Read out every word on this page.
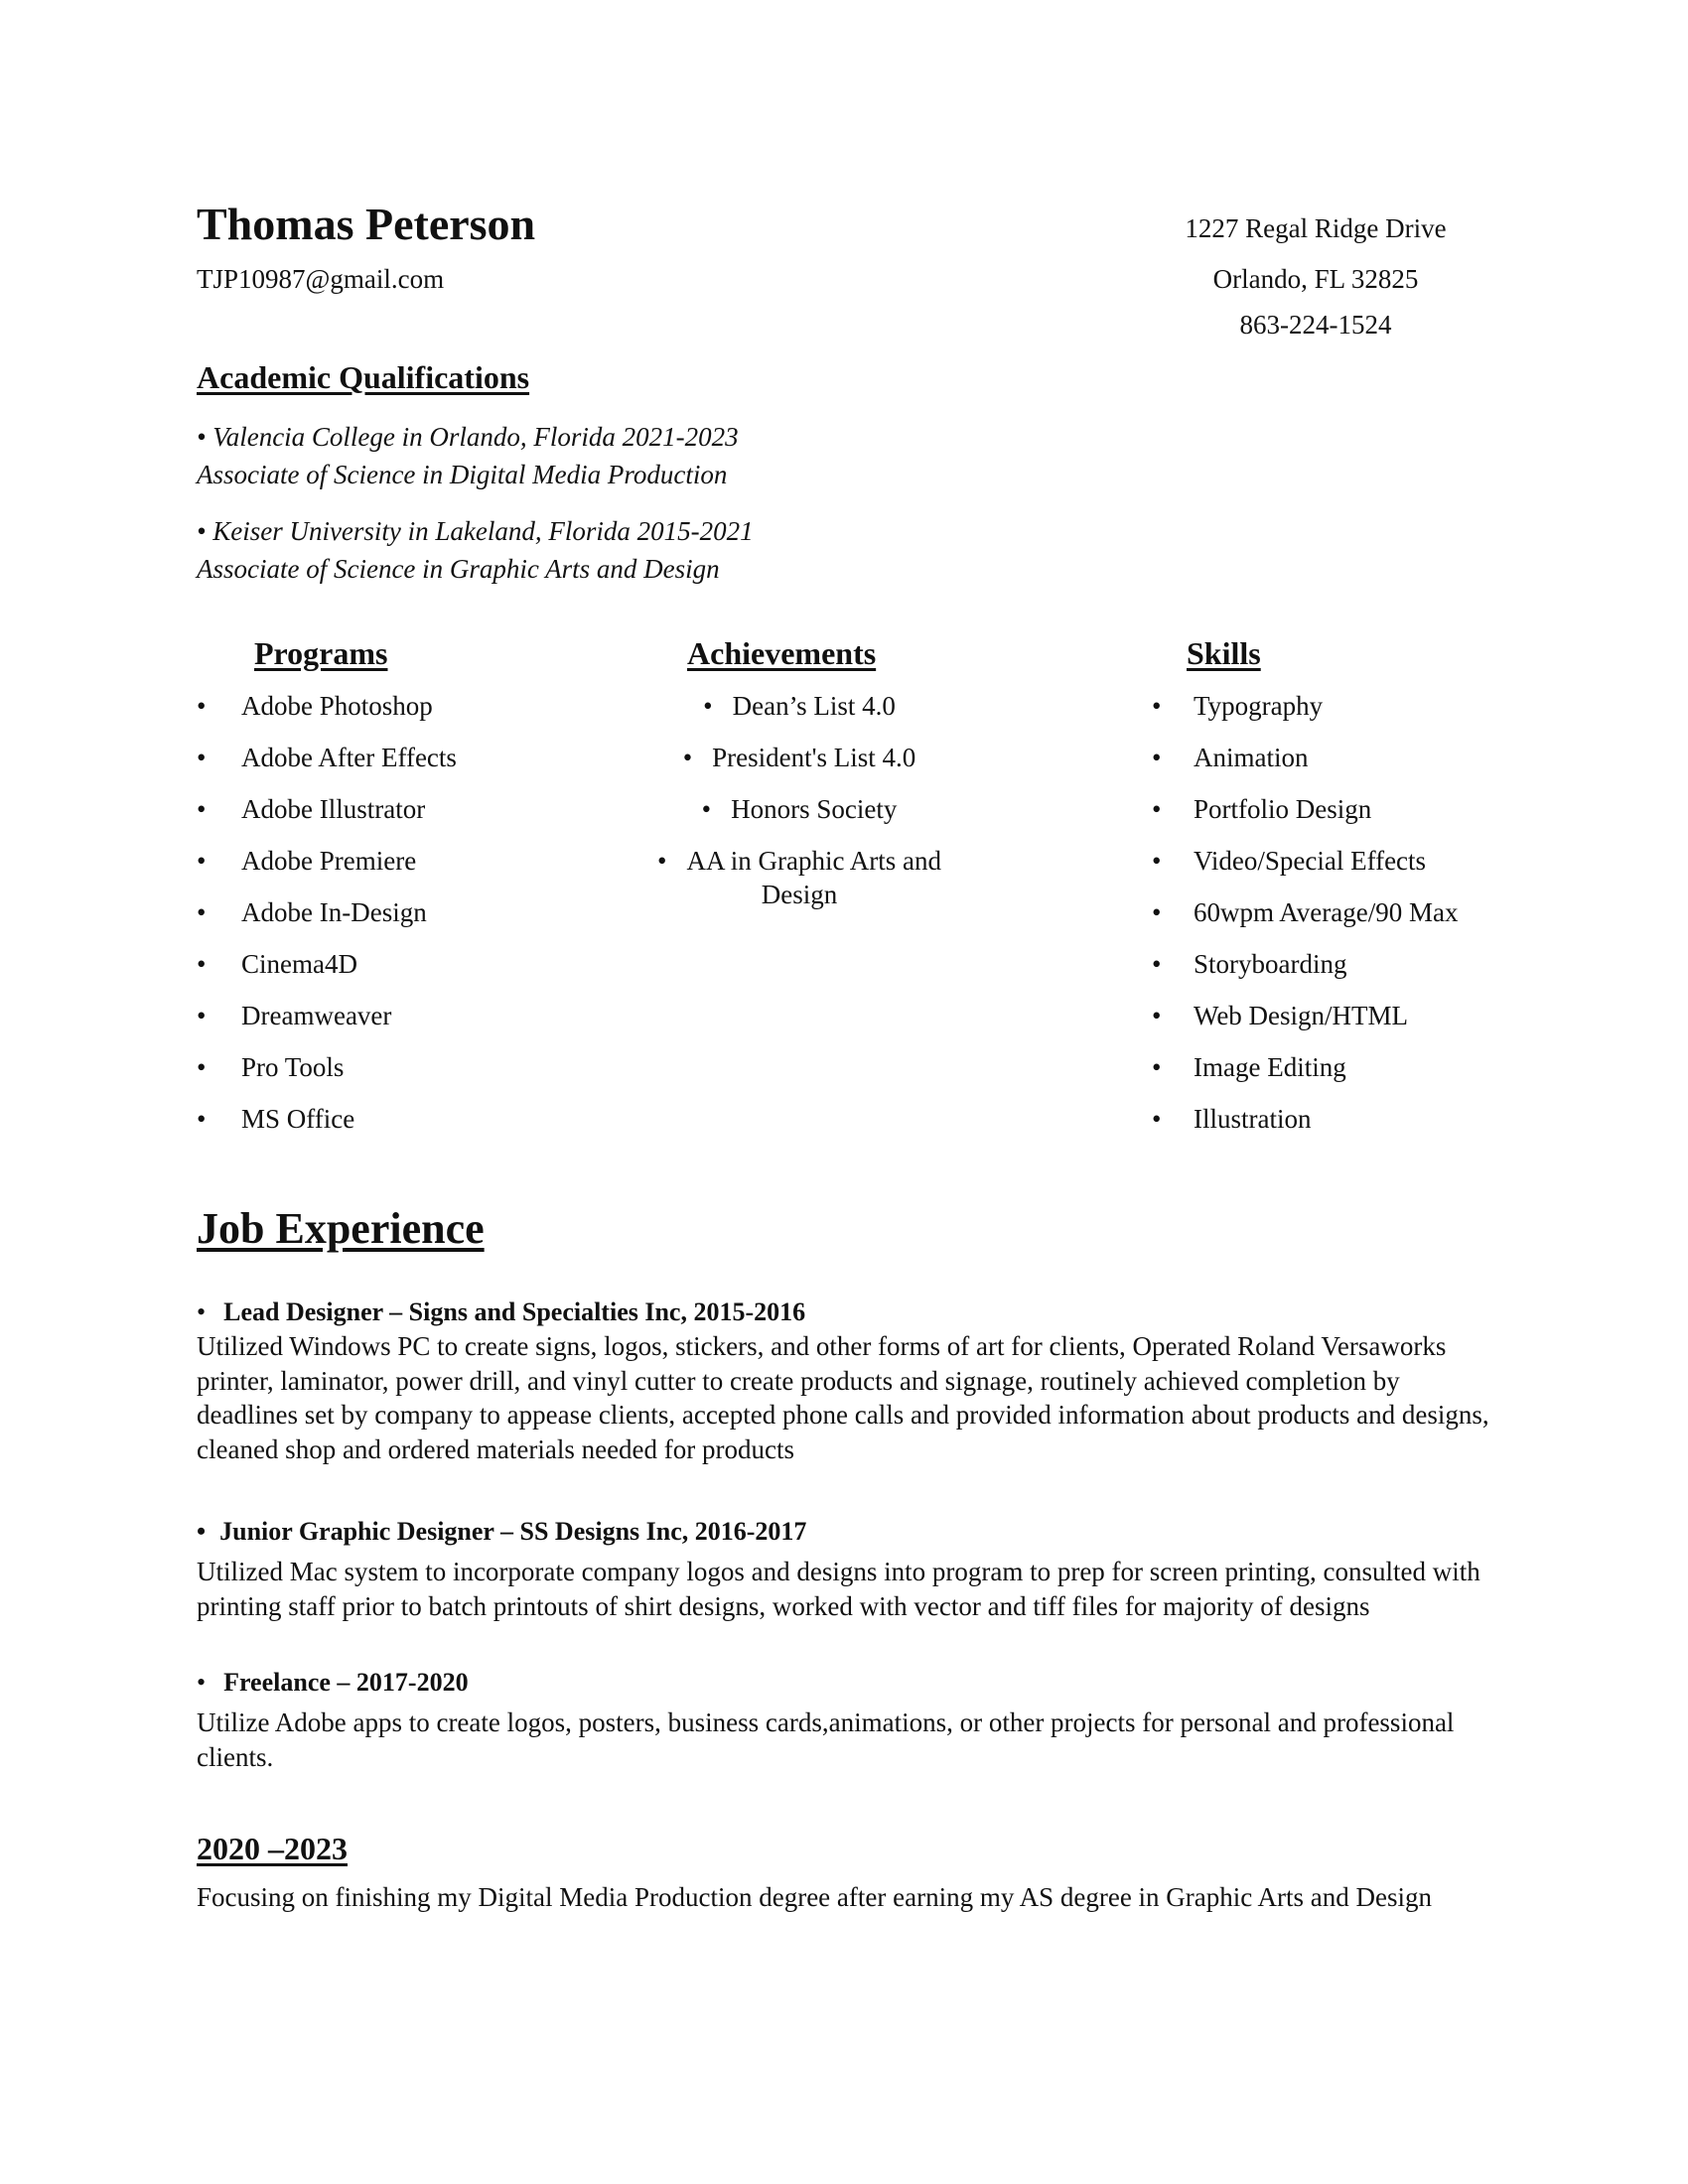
Thomas Peterson
TJP10987@gmail.com
1227 Regal Ridge Drive
Orlando, FL 32825
863-224-1524
Academic Qualifications
• Valencia College in Orlando, Florida 2021-2023
Associate of Science in Digital Media Production
• Keiser University in Lakeland, Florida 2015-2021
Associate of Science in Graphic Arts and Design
Programs
• Adobe Photoshop
• Adobe After Effects
• Adobe Illustrator
• Adobe Premiere
• Adobe In-Design
• Cinema4D
• Dreamweaver
• Pro Tools
• MS Office
Achievements
• Dean’s List 4.0
• President's List 4.0
• Honors Society
• AA in Graphic Arts and
Design
Skills
• Typography
• Animation
• Portfolio Design
• Video/Special Effects
• 60wpm Average/90 Max
• Storyboarding
• Web Design/HTML
• Image Editing
• Illustration
Job Experience
• Lead Designer – Signs and Specialties Inc, 2015-2016
Utilized Windows PC to create signs, logos, stickers, and other forms of art for clients, Operated Roland Versaworks printer, laminator, power drill, and vinyl cutter to create products and signage, routinely achieved completion by deadlines set by company to appease clients, accepted phone calls and provided information about products and designs, cleaned shop and ordered materials needed for products
• Junior Graphic Designer – SS Designs Inc, 2016-2017
Utilized Mac system to incorporate company logos and designs into program to prep for screen printing, consulted with printing staff prior to batch printouts of shirt designs, worked with vector and tiff files for majority of designs
• Freelance – 2017-2020
Utilize Adobe apps to create logos, posters, business cards,animations, or other projects for personal and professional clients.
2020 –2023
Focusing on finishing my Digital Media Production degree after earning my AS degree in Graphic Arts and Design
